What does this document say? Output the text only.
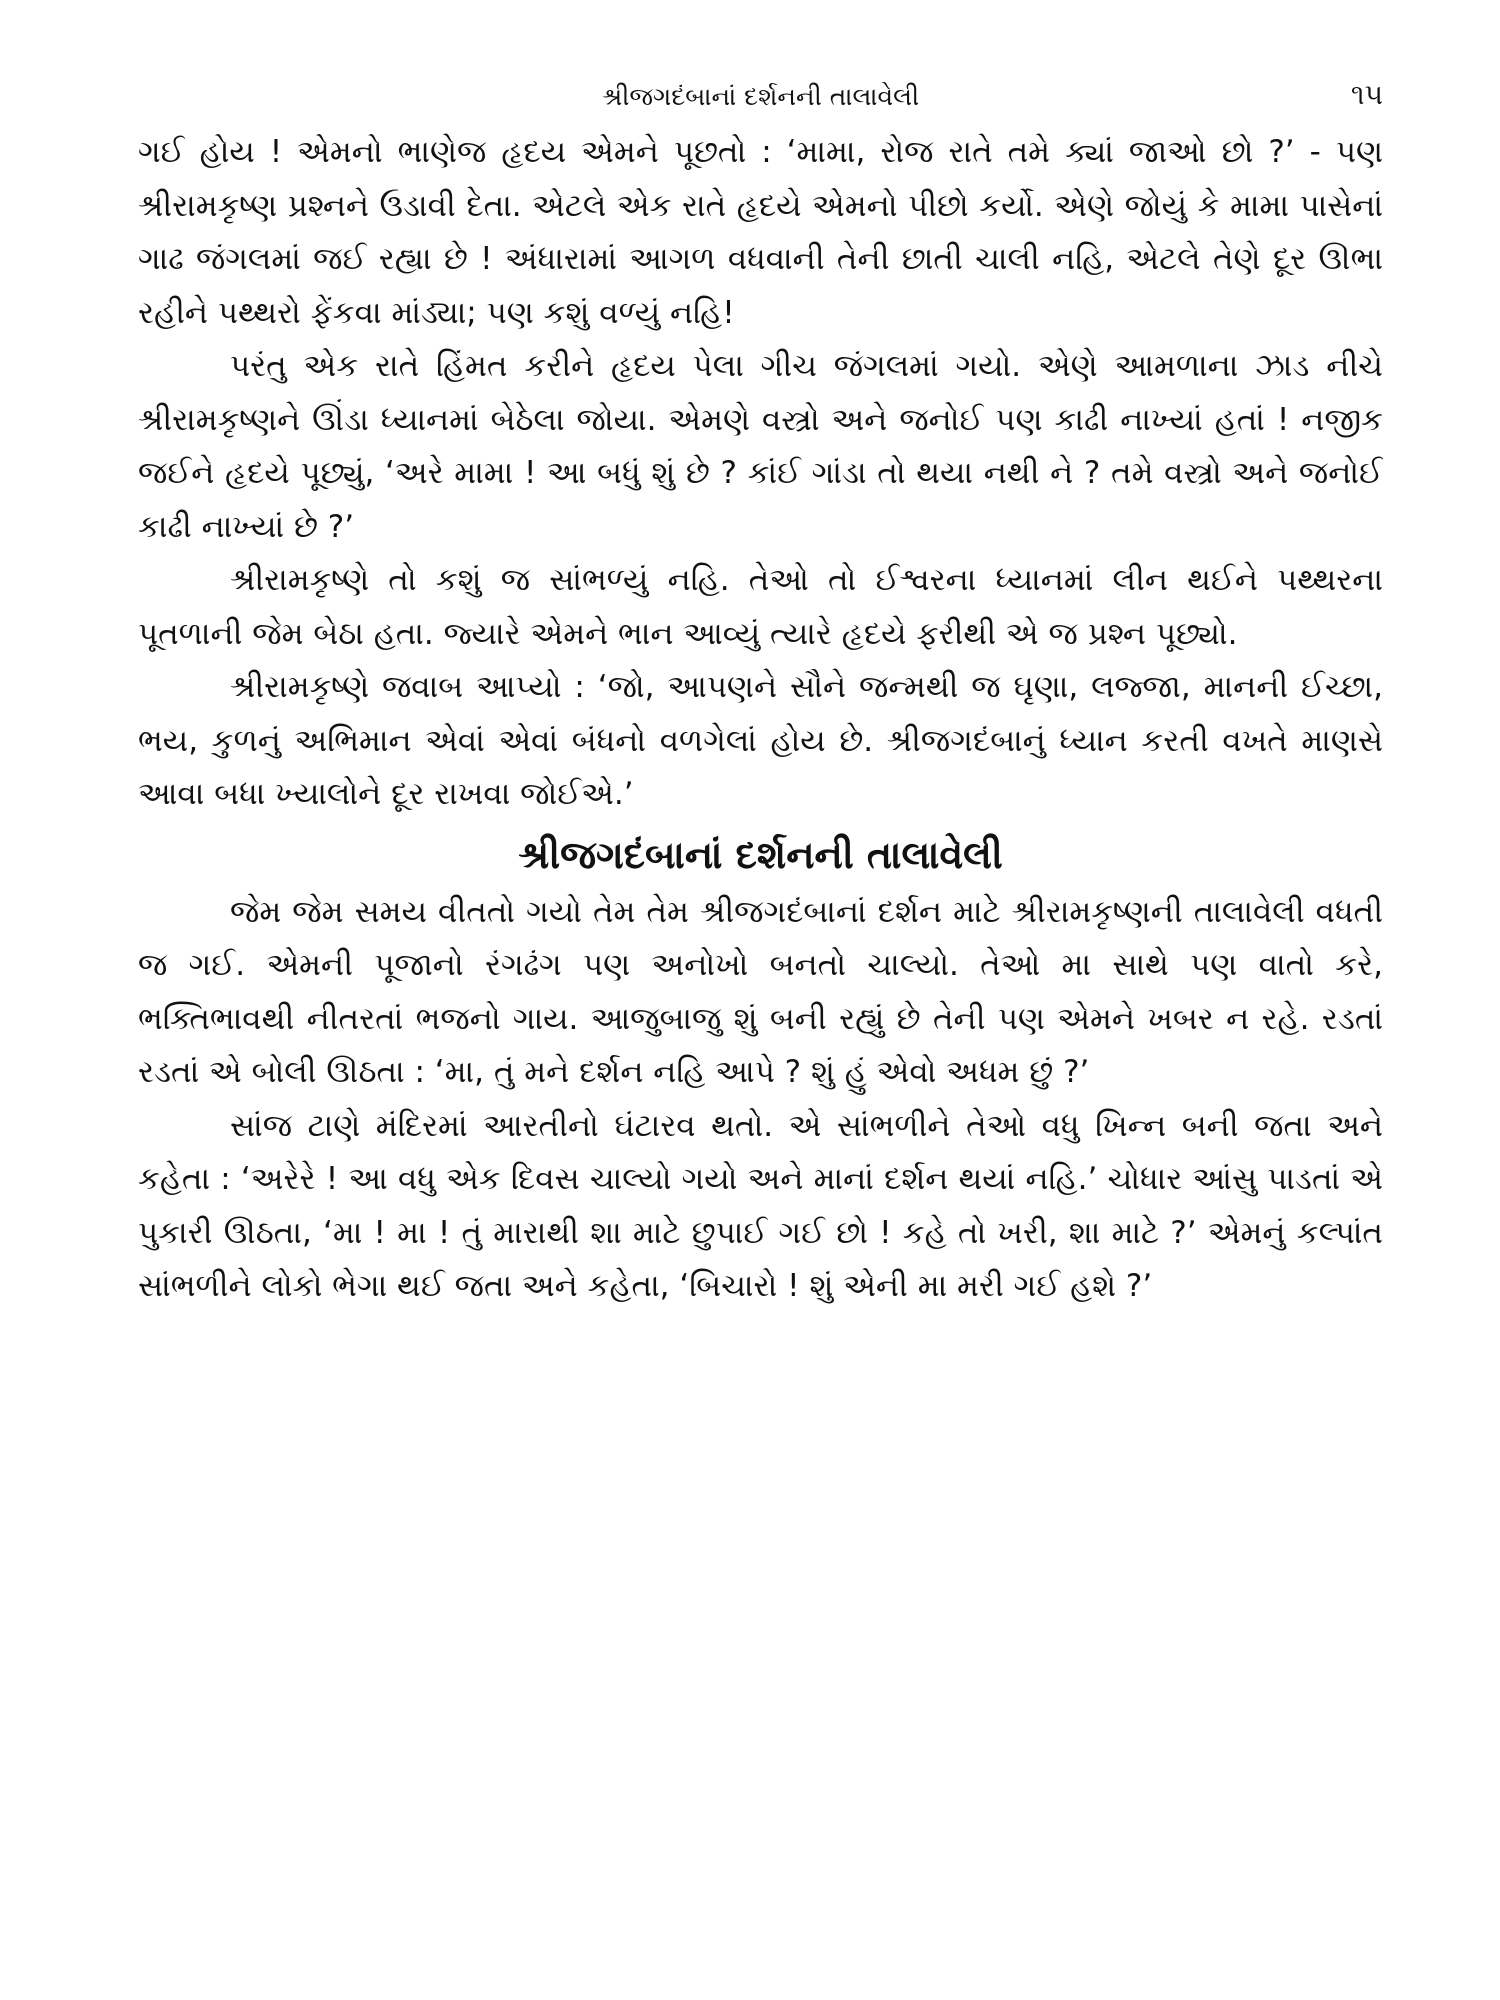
શ્રીજગદંબાનાં દર્શનની તાલાવેલી	૧૫

ગઈ હોય ! એમનો ભાણેજ હૃદય એમને પૂછતો : ‘મામા, રોજ રાતે તમે ક્યાં જાઓ છો ?’ - પણ શ્રીરામકૃષ્ણ પ્રશ્નને ઉડાવી દેતા. એટલે એક રાતે હૃદયે એમનો પીછો કર્યો. એણે જોયું કે મામા પાસેનાં ગાઢ જંગલમાં જઈ રહ્યા છે ! અંધારામાં આગળ વધવાની તેની છાતી ચાલી નહિ, એટલે તેણે દૂર ઊભા રહીને પથ્થરો ફેંકવા માંડ્યા; પણ કશું વળ્યું નહિ!

પરંતુ એક રાતે હિંમત કરીને હૃદય પેલા ગીચ જંગલમાં ગયો. એણે આમળાના ઝાડ નીચે શ્રીરામકૃષ્ણને ઊંડા ધ્યાનમાં બેઠેલા જોયા. એમણે વસ્ત્રો અને જનોઈ પણ કાઢી નાખ્યાં હતાં ! નજીક જઈને હૃદયે પૂછ્યું, ‘અરે મામા ! આ બધું શું છે ? કાંઈ ગાંડા તો થયા નથી ને ? તમે વસ્ત્રો અને જનોઈ કાઢી નાખ્યાં છે ?’

શ્રીરામકૃષ્ણે તો કશું જ સાંભળ્યું નહિ. તેઓ તો ઈશ્વરના ધ્યાનમાં લીન થઈને પથ્થરના પૂતળાની જેમ બેઠા હતા. જ્યારે એમને ભાન આવ્યું ત્યારે હૃદયે ફરીથી એ જ પ્રશ્ન પૂછ્યો.

શ્રીરામકૃષ્ણે જવાબ આપ્યો : ‘જો, આપણને સૌને જન્મથી જ ઘૃણા, લજ્જા, માનની ઈચ્છા, ભય, કુળનું અભિમાન એવાં એવાં બંધનો વળગેલાં હોય છે. શ્રીજગદંબાનું ધ્યાન કરતી વખતે માણસે આવા બધા ખ્યાલોને દૂર રાખવા જોઈએ.’

શ્રીજગદંબાનાં દર્શનની તાલાવેલી

જેમ જેમ સમય વીતતો ગયો તેમ તેમ શ્રીજગદંબાનાં દર્શન માટે શ્રીરામકૃષ્ણની તાલાવેલી વધતી જ ગઈ. એમની પૂજાનો રંગઢંગ પણ અનોખો બનતો ચાલ્યો. તેઓ મા સાથે પણ વાતો કરે, ભક્તિભાવથી નીતરતાં ભજનો ગાય. આજુબાજુ શું બની રહ્યું છે તેની પણ એમને ખબર ન રહે. રડતાં રડતાં એ બોલી ઊઠતા : ‘મા, તું મને દર્શન નહિ આપે ? શું હું એવો અધમ છું ?’

સાંજ ટાણે મંદિરમાં આરતીનો ઘંટારવ થતો. એ સાંભળીને તેઓ વધુ ખિન્ન બની જતા અને કહેતા : ‘અરેરે ! આ વધુ એક દિવસ ચાલ્યો ગયો અને માનાં દર્શન થયાં નહિ.’ ચોધાર આંસુ પાડતાં એ પુકારી ઊઠતા, ‘મા ! મા ! તું મારાથી શા માટે છુપાઈ ગઈ છો ! કહે તો ખરી, શા માટે ?’ એમનું કલ્પાંત સાંભળીને લોકો ભેગા થઈ જતા અને કહેતા, ‘બિચારો ! શું એની મા મરી ગઈ હશે ?’
